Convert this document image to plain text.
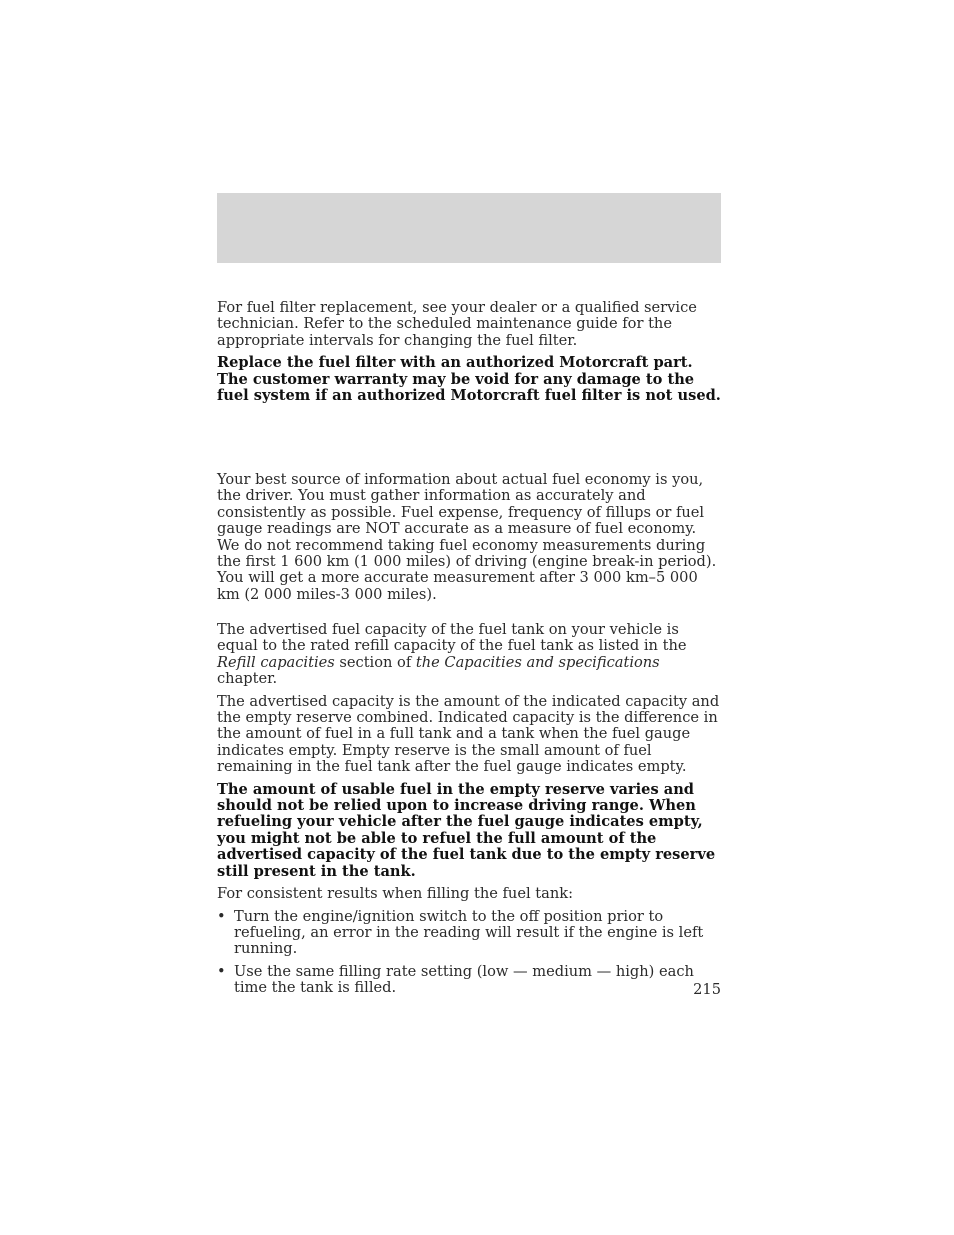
For fuel filter replacement, see your dealer or a qualified service technician. Refer to the scheduled maintenance guide for the appropriate intervals for changing the fuel filter.

Replace the fuel filter with an authorized Motorcraft part. The customer warranty may be void for any damage to the fuel system if an authorized Motorcraft fuel filter is not used.

Your best source of information about actual fuel economy is you, the driver. You must gather information as accurately and consistently as possible. Fuel expense, frequency of fillups or fuel gauge readings are NOT accurate as a measure of fuel economy. We do not recommend taking fuel economy measurements during the first 1 600 km (1 000 miles) of driving (engine break-in period). You will get a more accurate measurement after 3 000 km–5 000 km (2 000 miles-3 000 miles).

The advertised fuel capacity of the fuel tank on your vehicle is equal to the rated refill capacity of the fuel tank as listed in the Refill capacities section of the Capacities and specifications chapter.

The advertised capacity is the amount of the indicated capacity and the empty reserve combined. Indicated capacity is the difference in the amount of fuel in a full tank and a tank when the fuel gauge indicates empty. Empty reserve is the small amount of fuel remaining in the fuel tank after the fuel gauge indicates empty.

The amount of usable fuel in the empty reserve varies and should not be relied upon to increase driving range. When refueling your vehicle after the fuel gauge indicates empty, you might not be able to refuel the full amount of the advertised capacity of the fuel tank due to the empty reserve still present in the tank.

For consistent results when filling the fuel tank:

• Turn the engine/ignition switch to the off position prior to refueling, an error in the reading will result if the engine is left running.

• Use the same filling rate setting (low — medium — high) each time the tank is filled.	215
